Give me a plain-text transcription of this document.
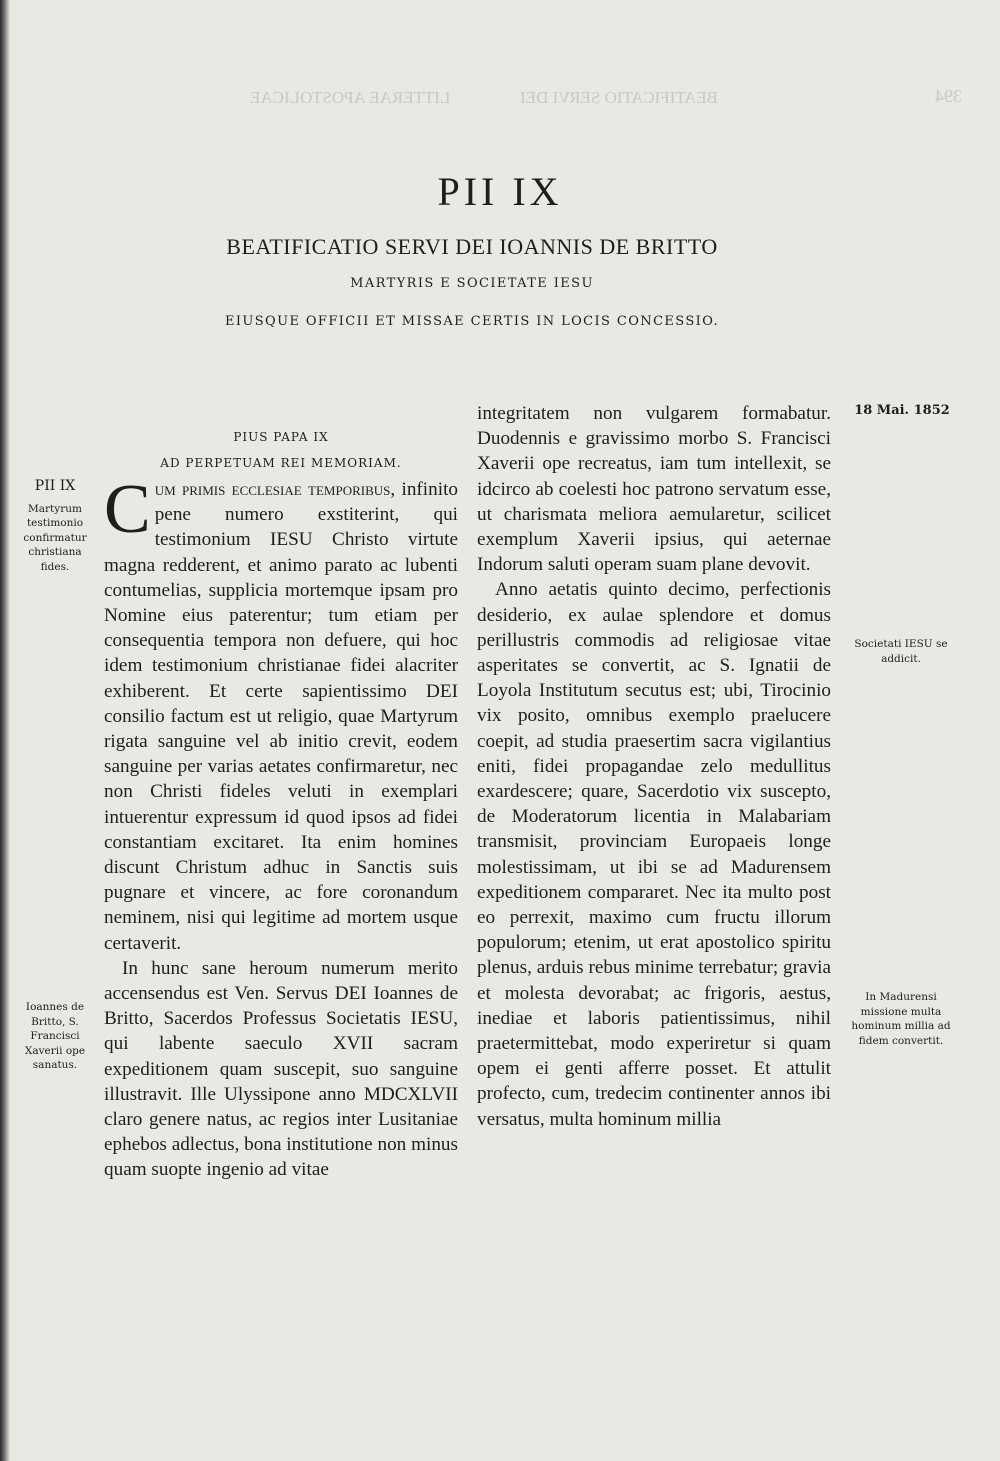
LITTERAE APOSTOLICAE	BEATIFICATIO SERVI DEI	394
PII IX
BEATIFICATIO SERVI DEI IOANNIS DE BRITTO
MARTYRIS E SOCIETATE IESU
EIUSQUE OFFICII ET MISSAE CERTIS IN LOCIS CONCESSIO.
PIUS PAPA IX
AD PERPETUAM REI MEMORIAM.

Cum primis ecclesiae temporibus, infinito pene numero exstiterint, qui testimonium IESU Christo virtute magna redderent, et animo parato ac lubenti contumelias, supplicia mortemque ipsam pro Nomine eius paterentur; tum etiam per consequentia tempora non defuere, qui hoc idem testimonium christianae fidei alacriter exhiberent. Et certe sapientissimo DEI consilio factum est ut religio, quae Martyrum rigata sanguine vel ab initio crevit, eodem sanguine per varias aetates confirmaretur, nec non Christi fideles veluti in exemplari intuerentur expressum id quod ipsos ad fidei constantiam excitaret. Ita enim homines discunt Christum adhuc in Sanctis suis pugnare et vincere, ac fore coronandum neminem, nisi qui legitime ad mortem usque certaverit.

In hunc sane heroum numerum merito accensendus est Ven. Servus DEI Ioannes de Britto, Sacerdos Professus Societatis IESU, qui labente saeculo XVII sacram expeditionem quam suscepit, suo sanguine illustravit. Ille Ulyssipone anno MDCXLVII claro genere natus, ac regios inter Lusitaniae ephebos adlectus, bona institutione non minus quam suopte ingenio ad vitae

integritatem non vulgarem formabatur. Duodennis e gravissimo morbo S. Francisci Xaverii ope recreatus, iam tum intellexit, se idcirco ab coelesti hoc patrono servatum esse, ut charismata meliora aemularetur, scilicet exemplum Xaverii ipsius, qui aeternae Indorum saluti operam suam plane devovit.

Anno aetatis quinto decimo, perfectionis desiderio, ex aulae splendore et domus perillustris commodis ad religiosae vitae asperitates se convertit, ac S. Ignatii de Loyola Institutum secutus est; ubi, Tirocinio vix posito, omnibus exemplo praelucere coepit, ad studia praesertim sacra vigilantius eniti, fidei propagandae zelo medullitus exardescere; quare, Sacerdotio vix suscepto, de Moderatorum licentia in Malabariam transmisit, provinciam Europaeis longe molestissimam, ut ibi se ad Madurensem expeditionem compararet. Nec ita multo post eo perrexit, maximo cum fructu illorum populorum; etenim, ut erat apostolico spiritu plenus, arduis rebus minime terrebatur; gravia et molesta devorabat; ac frigoris, aestus, inediae et laboris patientissimus, nihil praetermittebat, modo experiretur si quam opem ei genti afferre posset. Et attulit profecto, cum, tredecim continenter annos ibi versatus, multa hominum millia

PII IX
Martyrum testimonio confirmatur christiana fides.
Ioannes de Britto, S. Francisci Xaverii ope sanatus.
18 Mai. 1852
Societati IESU se addicit.
In Madurensi missione multa hominum millia ad fidem convertit.
